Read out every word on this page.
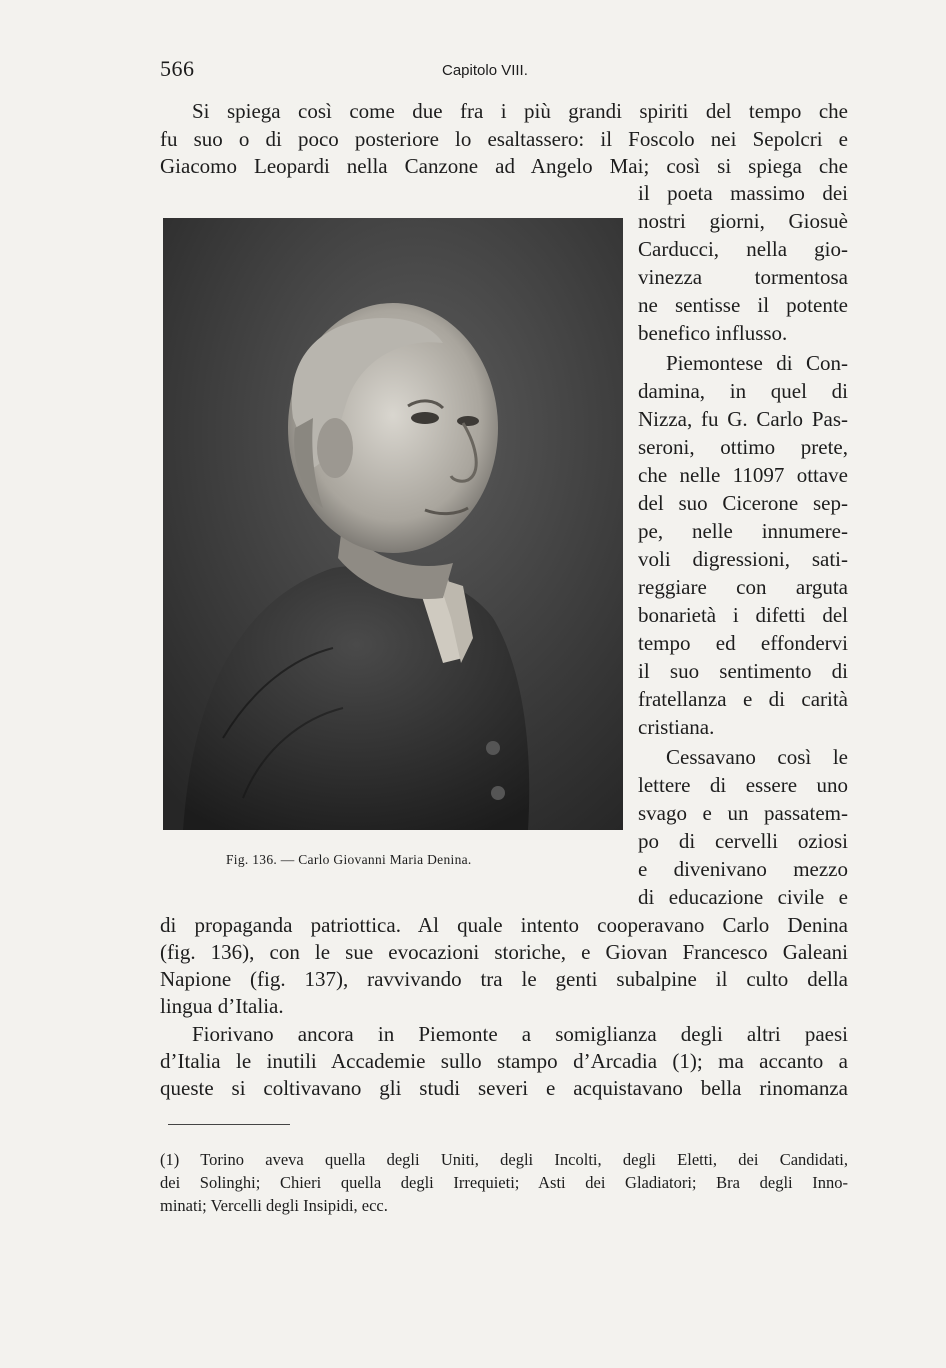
566	Capitolo VIII.
Si spiega così come due fra i più grandi spiriti del tempo che
fu suo o di poco posteriore lo esaltassero: il Foscolo nei Sepolcri e
Giacomo Leopardi nella Canzone ad Angelo Mai; così si spiega che
il poeta massimo dei
nostri giorni, Giosuè
Carducci, nella gio-
vinezza tormentosa
ne sentisse il potente
benefico influsso.
Piemontese di Con-
damina, in quel di
Nizza, fu G. Carlo Pas-
seroni, ottimo prete,
che nelle 11097 ottave
del suo Cicerone sep-
pe, nelle innumere-
voli digressioni, sati-
reggiare con arguta
bonarietà i difetti del
tempo ed effondervi
il suo sentimento di
fratellanza e di carità
cristiana.
Cessavano così le
lettere di essere uno
svago e un passatem-
po di cervelli oziosi
e divenivano mezzo
di educazione civile e
Fig. 136. — Carlo Giovanni Maria Denina.
di propaganda patriottica. Al quale intento cooperavano Carlo Denina
(fig. 136), con le sue evocazioni storiche, e Giovan Francesco Galeani
Napione (fig. 137), ravvivando tra le genti subalpine il culto della
lingua d’Italia.
Fiorivano ancora in Piemonte a somiglianza degli altri paesi
d’Italia le inutili Accademie sullo stampo d’Arcadia (1); ma accanto a
queste si coltivavano gli studi severi e acquistavano bella rinomanza
(1) Torino aveva quella degli Uniti, degli Incolti, degli Eletti, dei Candidati,
dei Solinghi; Chieri quella degli Irrequieti; Asti dei Gladiatori; Bra degli Inno-
minati; Vercelli degli Insipidi, ecc.
